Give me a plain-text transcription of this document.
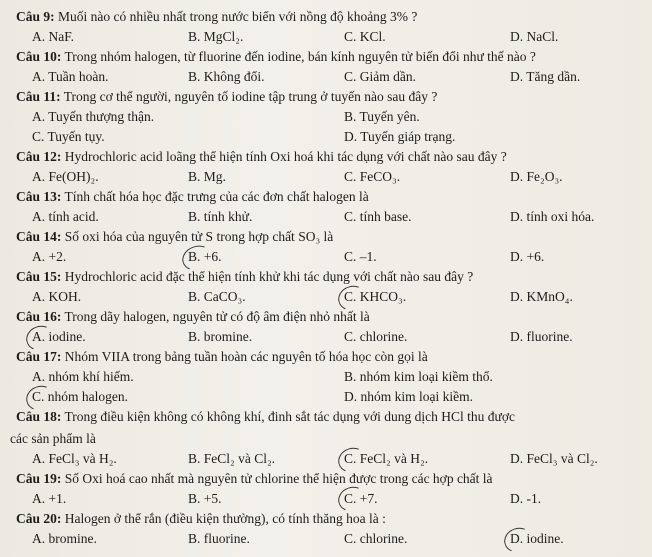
Câu 9: Muối nào có nhiều nhất trong nước biển với nồng độ khoảng 3% ?
A. NaF.	B. MgCl₂.	C. KCl.	D. NaCl.
Câu 10: Trong nhóm halogen, từ fluorine đến iodine, bán kính nguyên tử biến đổi như thế nào ?
A. Tuần hoàn.	B. Không đổi.	C. Giảm dần.	D. Tăng dần.
Câu 11: Trong cơ thể người, nguyên tố iodine tập trung ở tuyến nào sau đây ?
A. Tuyến thượng thận.	B. Tuyến yên.
C. Tuyến tụy.	D. Tuyến giáp trạng.
Câu 12: Hydrochloric acid loãng thể hiện tính Oxi hoá khi tác dụng với chất nào sau đây ?
A. Fe(OH)₂.	B. Mg.	C. FeCO₃.	D. Fe₂O₃.
Câu 13: Tính chất hóa học đặc trưng của các đơn chất halogen là
A. tính acid.	B. tính khử.	C. tính base.	D. tính oxi hóa.
Câu 14: Số oxi hóa của nguyên tử S trong hợp chất SO₃ là
A. +2.	B. +6.	C. –1.	D. +6.
Câu 15: Hydrochloric acid đặc thể hiện tính khử khi tác dụng với chất nào sau đây ?
A. KOH.	B. CaCO₃.	C. KHCO₃.	D. KMnO₄.
Câu 16: Trong dãy halogen, nguyên tử có độ âm điện nhỏ nhất là
A. iodine.	B. bromine.	C. chlorine.	D. fluorine.
Câu 17: Nhóm VIIA trong bảng tuần hoàn các nguyên tố hóa học còn gọi là
A. nhóm khí hiếm.	B. nhóm kim loại kiềm thổ.
C. nhóm halogen.	D. nhóm kim loại kiềm.
Câu 18: Trong điều kiện không có không khí, đinh sắt tác dụng với dung dịch HCl thu được
các sản phẩm là
A. FeCl₃ và H₂.	B. FeCl₂ và Cl₂.	C. FeCl₂ và H₂.	D. FeCl₃ và Cl₂.
Câu 19: Số Oxi hoá cao nhất mà nguyên tử chlorine thể hiện được trong các hợp chất là
A. +1.	B. +5.	C. +7.	D. -1.
Câu 20: Halogen ở thể rắn (điều kiện thường), có tính thăng hoa là :
A. bromine.	B. fluorine.	C. chlorine.	D. iodine.
